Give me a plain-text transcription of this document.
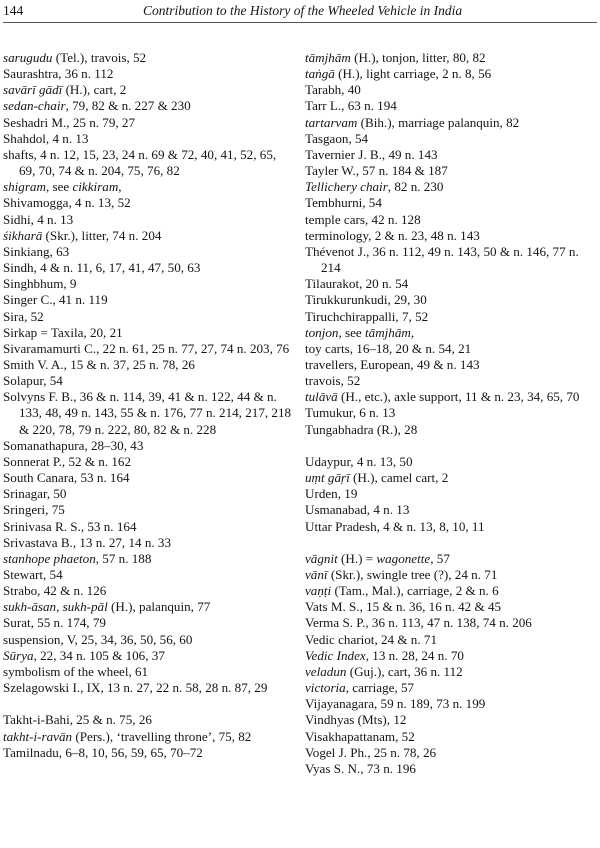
144	Contribution to the History of the Wheeled Vehicle in India
sarugudu (Tel.), travois, 52
Saurashtra, 36 n. 112
savārī gādī (H.), cart, 2
sedan-chair, 79, 82 & n. 227 & 230
Seshadri M., 25 n. 79, 27
Shahdol, 4 n. 13
shafts, 4 n. 12, 15, 23, 24 n. 69 & 72, 40, 41, 52, 65, 69, 70, 74 & n. 204, 75, 76, 82
shigram, see cikkiram,
Shivamogga, 4 n. 13, 52
Sidhi, 4 n. 13
śikharā (Skr.), litter, 74 n. 204
Sinkiang, 63
Sindh, 4 & n. 11, 6, 17, 41, 47, 50, 63
Singhbhum, 9
Singer C., 41 n. 119
Sira, 52
Sirkap = Taxila, 20, 21
Sivaramamurti C., 22 n. 61, 25 n. 77, 27, 74 n. 203, 76
Smith V. A., 15 & n. 37, 25 n. 78, 26
Solapur, 54
Solvyns F. B., 36 & n. 114, 39, 41 & n. 122, 44 & n. 133, 48, 49 n. 143, 55 & n. 176, 77 n. 214, 217, 218 & 220, 78, 79 n. 222, 80, 82 & n. 228
Somanathapura, 28–30, 43
Sonnerat P., 52 & n. 162
South Canara, 53 n. 164
Srinagar, 50
Sringeri, 75
Srinivasa R. S., 53 n. 164
Srivastava B., 13 n. 27, 14 n. 33
stanhope phaeton, 57 n. 188
Stewart, 54
Strabo, 42 & n. 126
sukh-āsan, sukh-pāl (H.), palanquin, 77
Surat, 55 n. 174, 79
suspension, V, 25, 34, 36, 50, 56, 60
Sūrya, 22, 34 n. 105 & 106, 37
symbolism of the wheel, 61
Szelagowski I., IX, 13 n. 27, 22 n. 58, 28 n. 87, 29
Takht-i-Bahi, 25 & n. 75, 26
takht-i-ravān (Pers.), ‘travelling throne’, 75, 82
Tamilnadu, 6–8, 10, 56, 59, 65, 70–72
tāmjhām (H.), tonjon, litter, 80, 82
taṅgā (H.), light carriage, 2 n. 8, 56
Tarabh, 40
Tarr L., 63 n. 194
tartarvam (Bih.), marriage palanquin, 82
Tasgaon, 54
Tavernier J. B., 49 n. 143
Tayler W., 57 n. 184 & 187
Tellichery chair, 82 n. 230
Tembhurni, 54
temple cars, 42 n. 128
terminology, 2 & n. 23, 48 n. 143
Thévenot J., 36 n. 112, 49 n. 143, 50 & n. 146, 77 n. 214
Tilaurakot, 20 n. 54
Tirukkurunkudi, 29, 30
Tiruchchirappalli, 7, 52
tonjon, see tāmjhām,
toy carts, 16–18, 20 & n. 54, 21
travellers, European, 49 & n. 143
travois, 52
tulāvā (H., etc.), axle support, 11 & n. 23, 34, 65, 70
Tumukur, 6 n. 13
Tungabhadra (R.), 28
Udaypur, 4 n. 13, 50
uṃt gāṛī (H.), camel cart, 2
Urden, 19
Usmanabad, 4 n. 13
Uttar Pradesh, 4 & n. 13, 8, 10, 11
vāgnit (H.) = wagonette, 57
vānī (Skr.), swingle tree (?), 24 n. 71
vaṇṭi (Tam., Mal.), carriage, 2 & n. 6
Vats M. S., 15 & n. 36, 16 n. 42 & 45
Verma S. P., 36 n. 113, 47 n. 138, 74 n. 206
Vedic chariot, 24 & n. 71
Vedic Index, 13 n. 28, 24 n. 70
veladun (Guj.), cart, 36 n. 112
victoria, carriage, 57
Vijayanagara, 59 n. 189, 73 n. 199
Vindhyas (Mts), 12
Visakhapattanam, 52
Vogel J. Ph., 25 n. 78, 26
Vyas S. N., 73 n. 196
